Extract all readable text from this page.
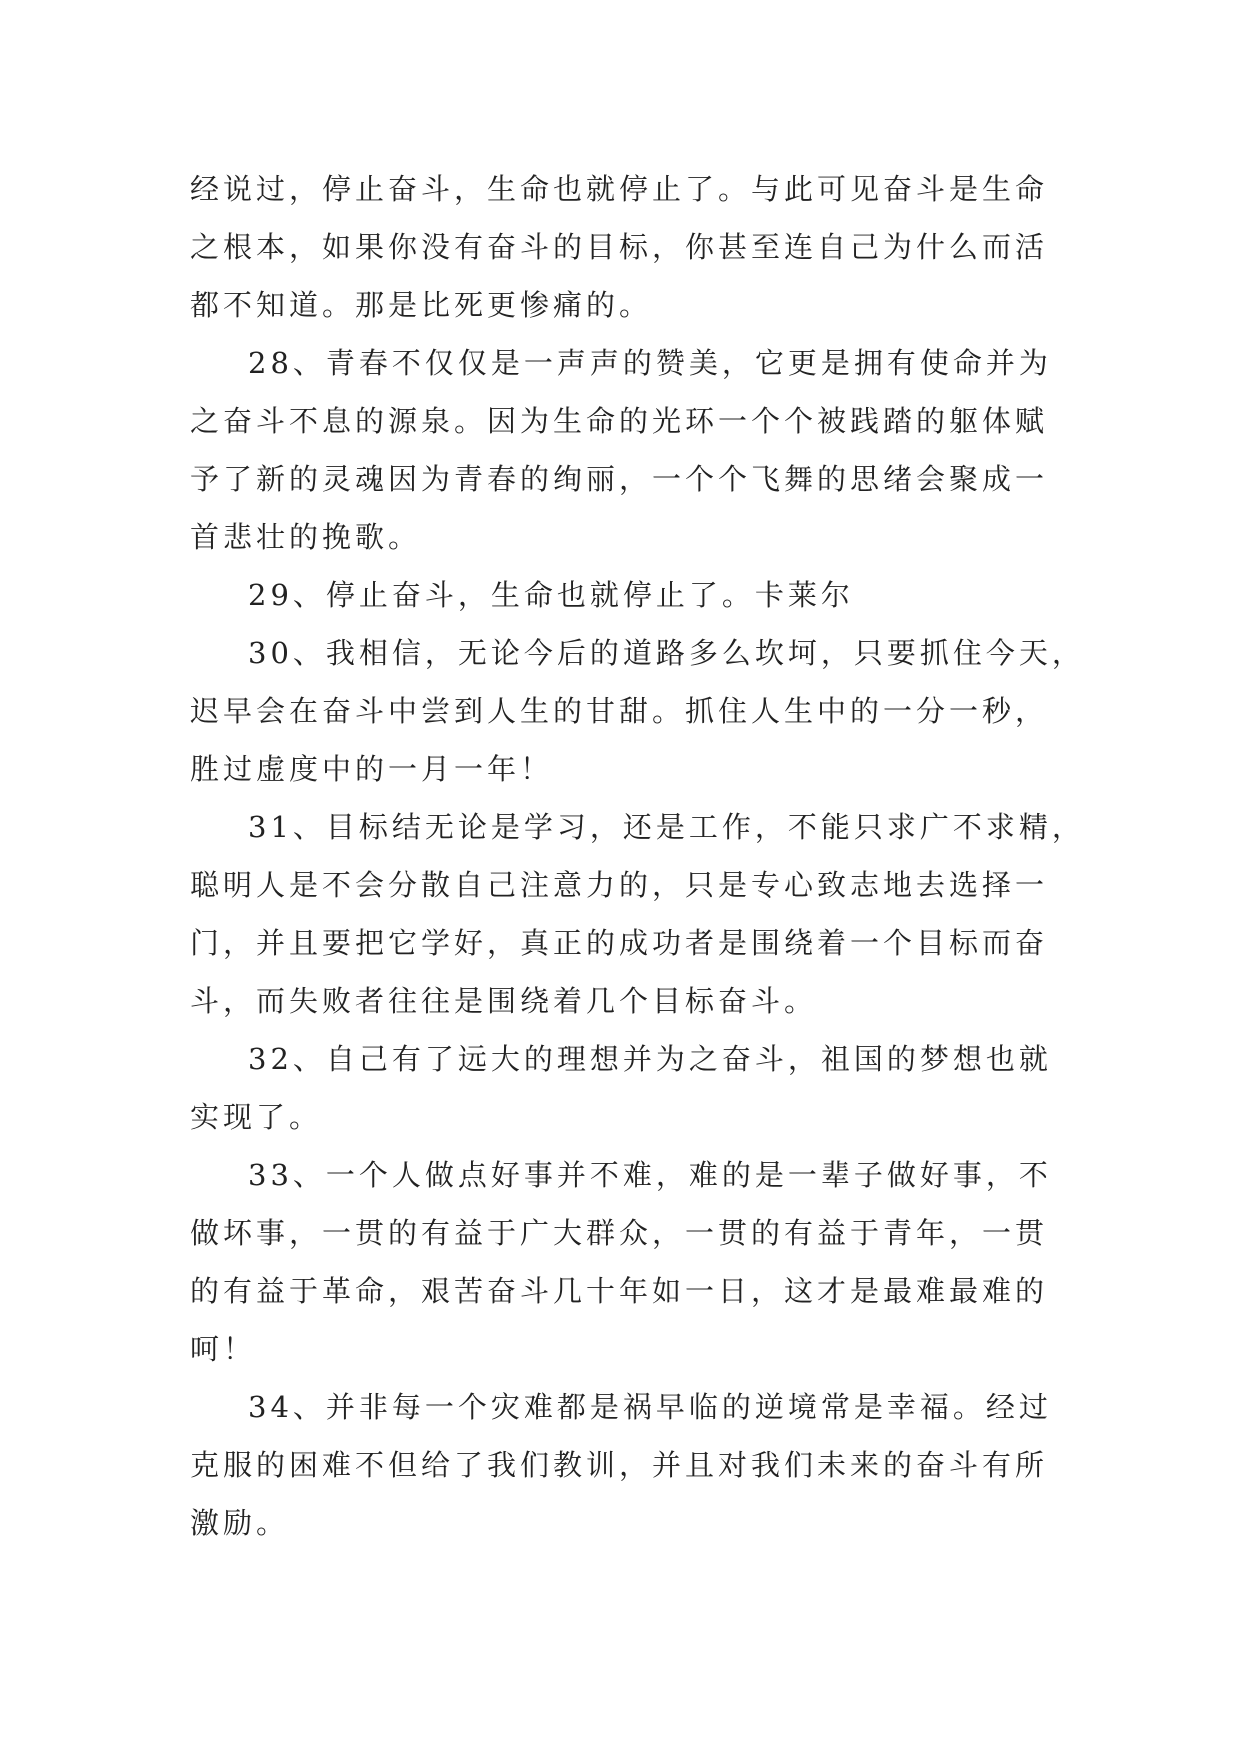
经说过，停止奋斗，生命也就停止了。与此可见奋斗是生命
之根本，如果你没有奋斗的目标，你甚至连自己为什么而活
都不知道。那是比死更惨痛的。
28、青春不仅仅是一声声的赞美，它更是拥有使命并为
之奋斗不息的源泉。因为生命的光环一个个被践踏的躯体赋
予了新的灵魂因为青春的绚丽，一个个飞舞的思绪会聚成一
首悲壮的挽歌。
29、停止奋斗，生命也就停止了。卡莱尔
30、我相信，无论今后的道路多么坎坷，只要抓住今天，
迟早会在奋斗中尝到人生的甘甜。抓住人生中的一分一秒，
胜过虚度中的一月一年！
31、目标结无论是学习，还是工作，不能只求广不求精，
聪明人是不会分散自己注意力的，只是专心致志地去选择一
门，并且要把它学好，真正的成功者是围绕着一个目标而奋
斗，而失败者往往是围绕着几个目标奋斗。
32、自己有了远大的理想并为之奋斗，祖国的梦想也就
实现了。
33、一个人做点好事并不难，难的是一辈子做好事，不
做坏事，一贯的有益于广大群众，一贯的有益于青年，一贯
的有益于革命，艰苦奋斗几十年如一日，这才是最难最难的
呵！
34、并非每一个灾难都是祸早临的逆境常是幸福。经过
克服的困难不但给了我们教训，并且对我们未来的奋斗有所
激励。
